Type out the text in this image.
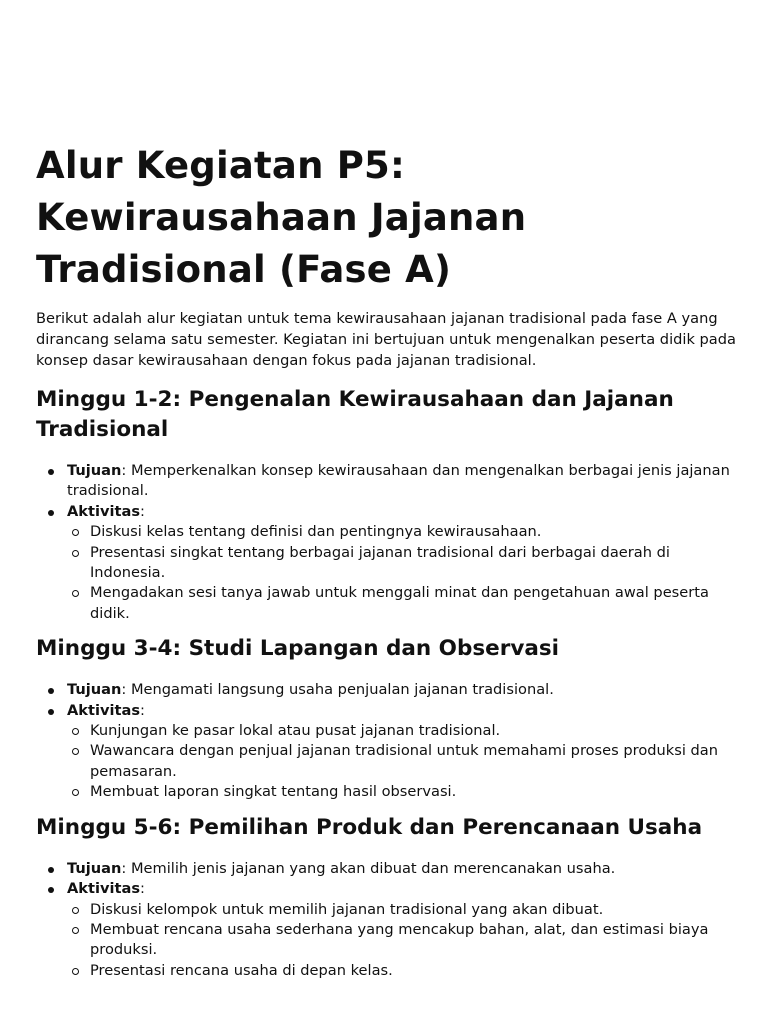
Alur Kegiatan P5: Kewirausahaan Jajanan Tradisional (Fase A)

Berikut adalah alur kegiatan untuk tema kewirausahaan jajanan tradisional pada fase A yang dirancang selama satu semester. Kegiatan ini bertujuan untuk mengenalkan peserta didik pada konsep dasar kewirausahaan dengan fokus pada jajanan tradisional.

Minggu 1-2: Pengenalan Kewirausahaan dan Jajanan Tradisional
Tujuan: Memperkenalkan konsep kewirausahaan dan mengenalkan berbagai jenis jajanan tradisional.
Aktivitas:
Diskusi kelas tentang definisi dan pentingnya kewirausahaan.
Presentasi singkat tentang berbagai jajanan tradisional dari berbagai daerah di Indonesia.
Mengadakan sesi tanya jawab untuk menggali minat dan pengetahuan awal peserta didik.
Minggu 3-4: Studi Lapangan dan Observasi
Tujuan: Mengamati langsung usaha penjualan jajanan tradisional.
Aktivitas:
Kunjungan ke pasar lokal atau pusat jajanan tradisional.
Wawancara dengan penjual jajanan tradisional untuk memahami proses produksi dan pemasaran.
Membuat laporan singkat tentang hasil observasi.
Minggu 5-6: Pemilihan Produk dan Perencanaan Usaha
Tujuan: Memilih jenis jajanan yang akan dibuat dan merencanakan usaha.
Aktivitas:
Diskusi kelompok untuk memilih jajanan tradisional yang akan dibuat.
Membuat rencana usaha sederhana yang mencakup bahan, alat, dan estimasi biaya produksi.
Presentasi rencana usaha di depan kelas.
